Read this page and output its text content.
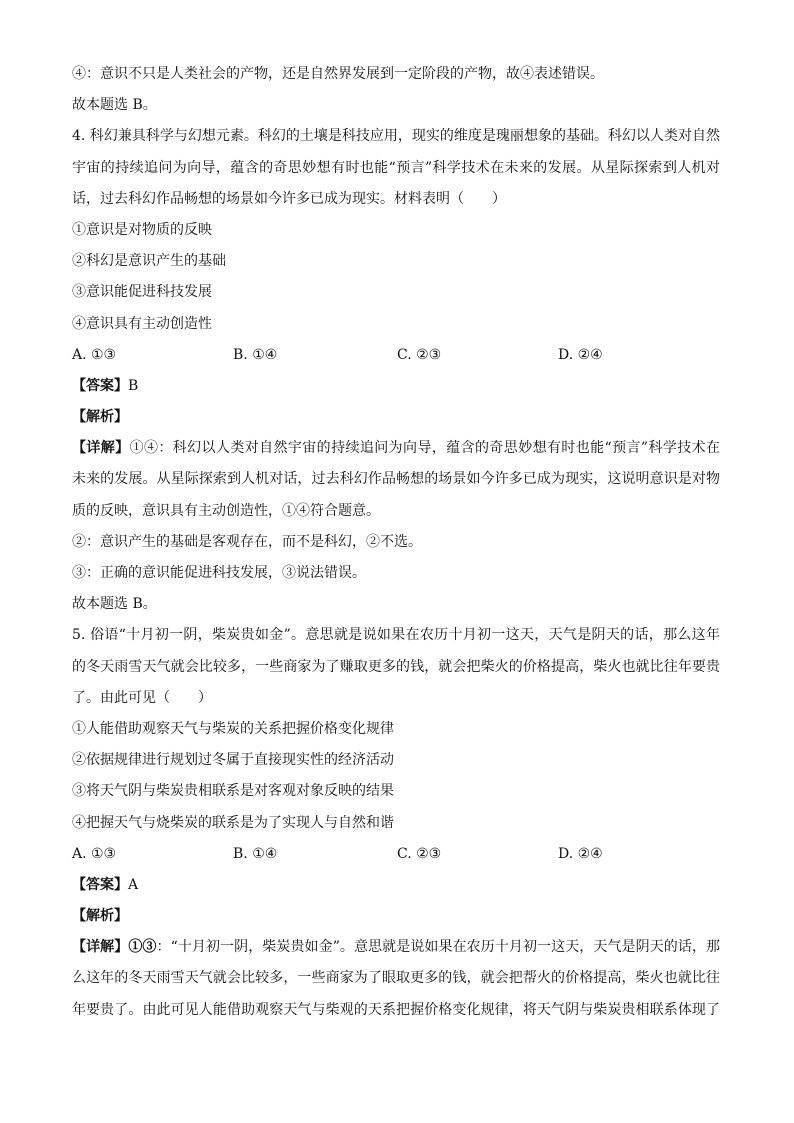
④：意识不只是人类社会的产物，还是自然界发展到一定阶段的产物，故④表述错误。
故本题选 B。
4. 科幻兼具科学与幻想元素。科幻的土壤是科技应用，现实的维度是瑰丽想象的基础。科幻以人类对自然
宇宙的持续追问为向导，蕴含的奇思妙想有时也能“预言”科学技术在未来的发展。从星际探索到人机对
话，过去科幻作品畅想的场景如今许多已成为现实。材料表明（　　）
①意识是对物质的反映
②科幻是意识产生的基础
③意识能促进科技发展
④意识具有主动创造性
A. ①③	B. ①④	C. ②③	D. ②④
【答案】B
【解析】
【详解】①④：科幻以人类对自然宇宙的持续追问为向导，蕴含的奇思妙想有时也能“预言”科学技术在
未来的发展。从星际探索到人机对话，过去科幻作品畅想的场景如今许多已成为现实，这说明意识是对物
质的反映，意识具有主动创造性，①④符合题意。
②：意识产生的基础是客观存在，而不是科幻，②不选。
③：正确的意识能促进科技发展，③说法错误。
故本题选 B。
5. 俗语“十月初一阴，柴炭贵如金”。意思就是说如果在农历十月初一这天，天气是阴天的话，那么这年
的冬天雨雪天气就会比较多，一些商家为了赚取更多的钱，就会把柴火的价格提高，柴火也就比往年要贵
了。由此可见（　　）
①人能借助观察天气与柴炭的关系把握价格变化规律
②依据规律进行规划过冬属于直接现实性的经济活动
③将天气阴与柴炭贵相联系是对客观对象反映的结果
④把握天气与烧柴炭的联系是为了实现人与自然和谐
A. ①③	B. ①④	C. ②③	D. ②④
【答案】A
【解析】
【详解】①③：“十月初一阴，柴炭贵如金”。意思就是说如果在农历十月初一这天，天气是阴天的话，那
么这年的冬天雨雪天气就会比较多，一些商家为了眼取更多的钱，就会把帮火的价格提高，柴火也就比往
年要贵了。由此可见人能借助观察天气与柴观的天系把握价格变化规律，将天气阴与柴炭贵相联系体现了
